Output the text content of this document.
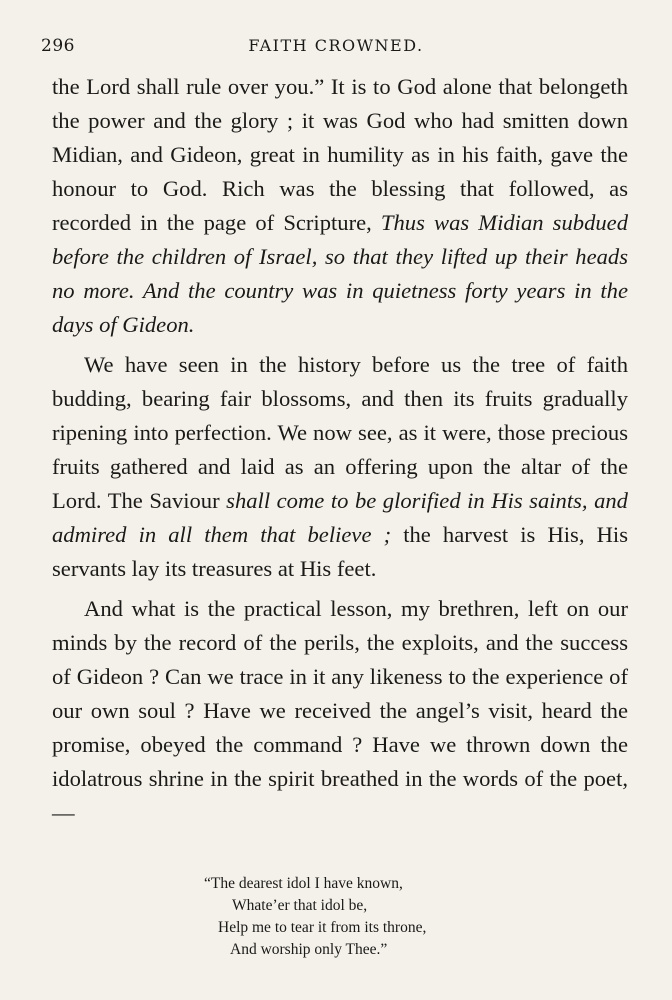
296	FAITH CROWNED.

the Lord shall rule over you.” It is to God alone that belongeth the power and the glory ; it was God who had smitten down Midian, and Gideon, great in humility as in his faith, gave the honour to God. Rich was the blessing that followed, as recorded in the page of Scripture, Thus was Midian subdued before the children of Israel, so that they lifted up their heads no more. And the country was in quietness forty years in the days of Gideon.

We have seen in the history before us the tree of faith budding, bearing fair blossoms, and then its fruits gradually ripening into perfection. We now see, as it were, those precious fruits gathered and laid as an offering upon the altar of the Lord. The Saviour shall come to be glorified in His saints, and admired in all them that believe ; the harvest is His, His servants lay its treasures at His feet.

And what is the practical lesson, my brethren, left on our minds by the record of the perils, the exploits, and the success of Gideon ? Can we trace in it any likeness to the experience of our own soul ? Have we received the angel’s visit, heard the promise, obeyed the command ? Have we thrown down the idolatrous shrine in the spirit breathed in the words of the poet,—

“The dearest idol I have known,
Whate’er that idol be,
Help me to tear it from its throne,
And worship only Thee.”
